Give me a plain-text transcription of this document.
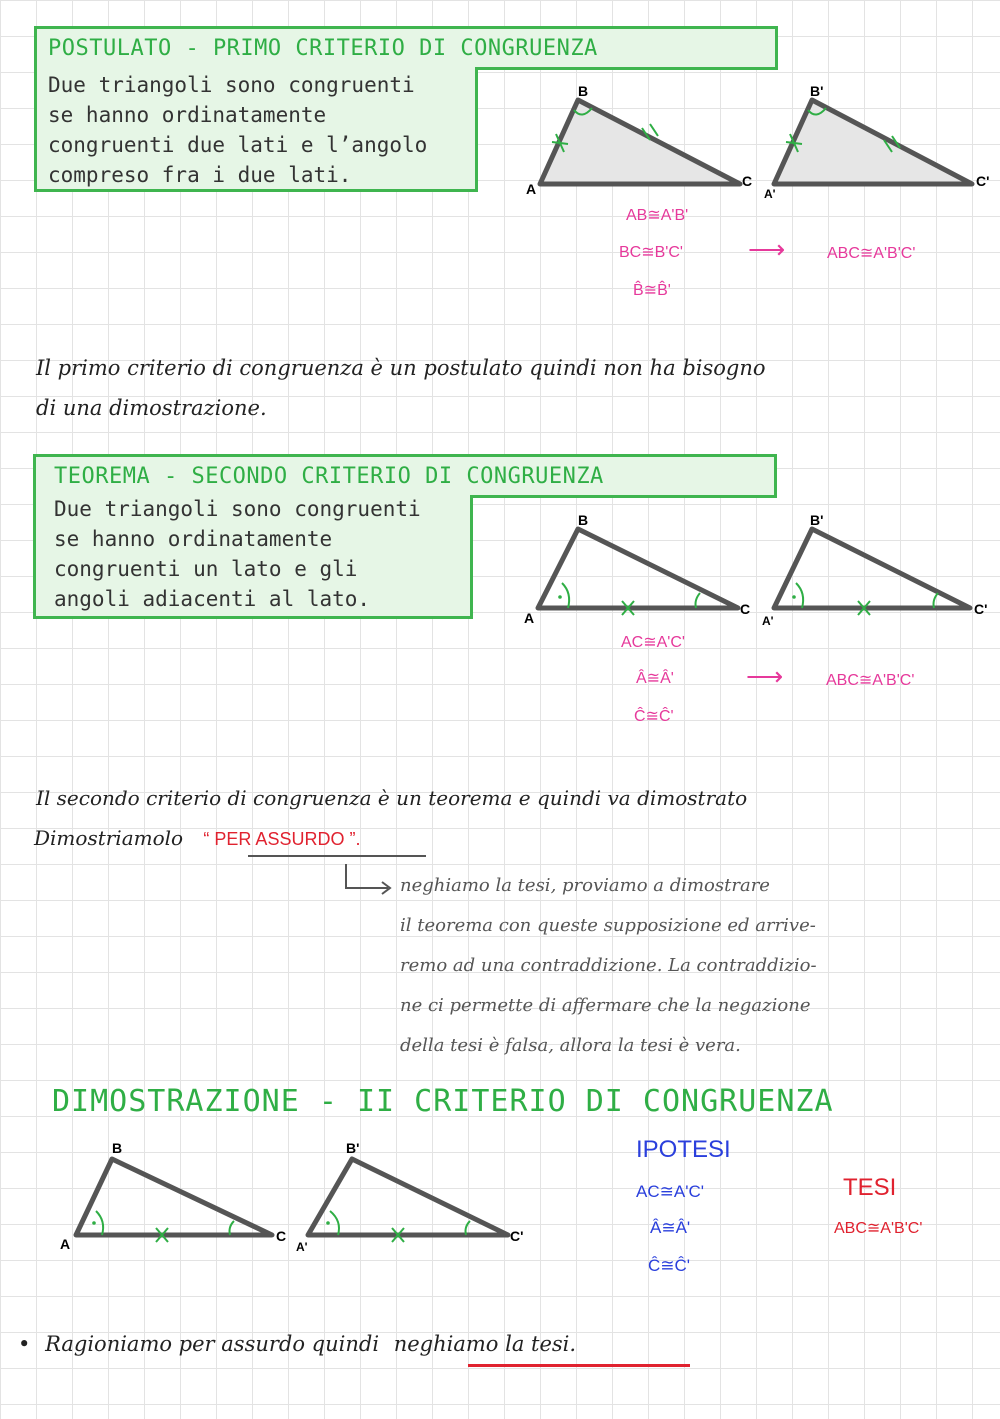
POSTULATO - PRIMO CRITERIO DI CONGRUENZA
Due triangoli sono congruenti
se hanno ordinatamente
congruenti due lati e l’angolo
compreso fra i due lati.
A
B
C
A'
B'
C'
AB≅A'B'
BC≅B'C'
B̂≅B̂'
⟶	ABC≅A'B'C'
Il primo criterio di congruenza è un postulato quindi non ha bisogno
di una dimostrazione.
TEOREMA - SECONDO CRITERIO DI CONGRUENZA
Due triangoli sono congruenti
se hanno ordinatamente
congruenti un lato e gli
angoli adiacenti al lato.
A
B
C
A'
B'
C'
AC≅A'C'
Â≅Â'
Ĉ≅Ĉ'
⟶	ABC≅A'B'C'
Il secondo criterio di congruenza è un teorema e quindi va dimostrato
Dimostriamolo “ PER ASSURDO ”.
neghiamo la tesi, proviamo a dimostrare
il teorema con queste supposizione ed arrive-
remo ad una contraddizione. La contraddizio-
ne ci permette di affermare che la negazione
della tesi è falsa, allora la tesi è vera.
DIMOSTRAZIONE - II CRITERIO DI CONGRUENZA
A
B
C
A'
B'
C'
IPOTESI
AC≅A'C'
Â≅Â'
Ĉ≅Ĉ'
TESI
ABC≅A'B'C'
• Ragioniamo per assurdo quindi neghiamo la tesi.
